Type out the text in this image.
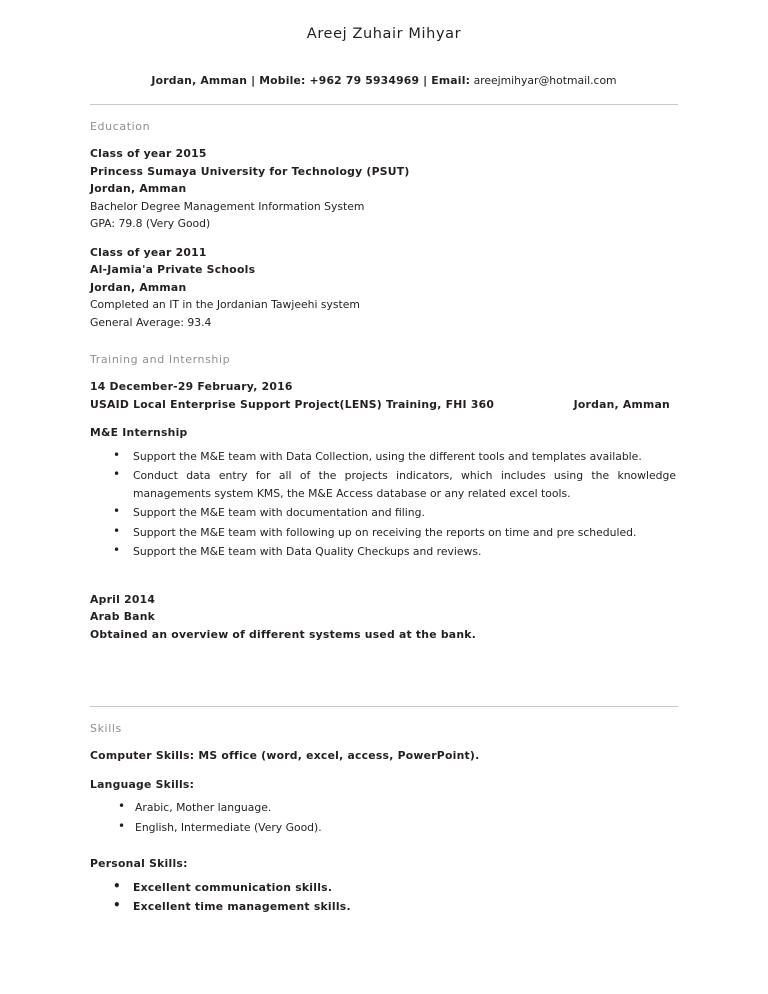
Areej Zuhair Mihyar
Jordan, Amman | Mobile: +962 79 5934969 | Email: areejmihyar@hotmail.com
Education
Class of year 2015
Princess Sumaya University for Technology (PSUT)
Jordan, Amman
Bachelor Degree Management Information System
GPA: 79.8 (Very Good)
Class of year 2011
Al-Jamia'a Private Schools
Jordan, Amman
Completed an IT in the Jordanian Tawjeehi system
General Average: 93.4
Training and Internship
14 December-29 February, 2016
USAID Local Enterprise Support Project(LENS) Training, FHI 360	Jordan, Amman
M&E Internship
• Support the M&E team with Data Collection, using the different tools and templates available.
• Conduct data entry for all of the projects indicators, which includes using the knowledge managements system KMS, the M&E Access database or any related excel tools.
• Support the M&E team with documentation and filing.
• Support the M&E team with following up on receiving the reports on time and pre scheduled.
• Support the M&E team with Data Quality Checkups and reviews.
April 2014
Arab Bank
Obtained an overview of different systems used at the bank.
Skills
Computer Skills: MS office (word, excel, access, PowerPoint).
Language Skills:
• Arabic, Mother language.
• English, Intermediate (Very Good).
Personal Skills:
• Excellent communication skills.
• Excellent time management skills.
